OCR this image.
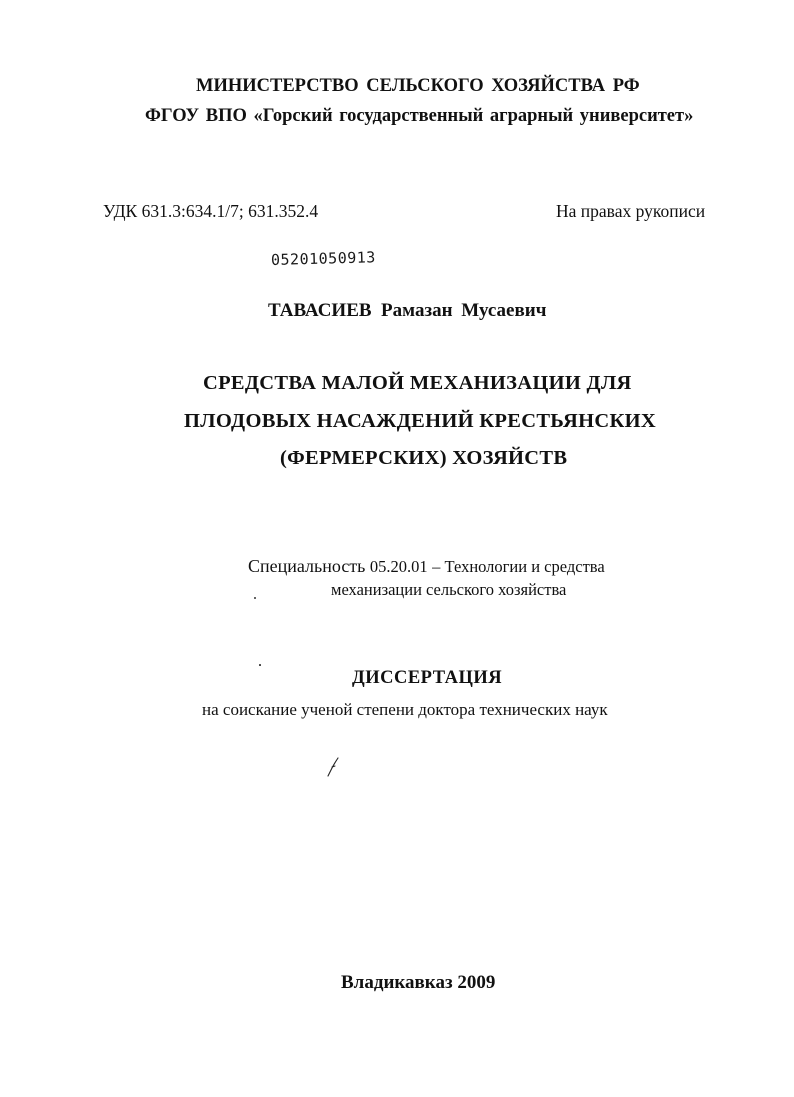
МИНИСТЕРСТВО СЕЛЬСКОГО ХОЗЯЙСТВА РФ
ФГОУ ВПО «Горский государственный аграрный университет»
УДК 631.3:634.1/7; 631.352.4	На правах рукописи
05201050913
ТАВАСИЕВ Рамазан Мусаевич
СРЕДСТВА МАЛОЙ МЕХАНИЗАЦИИ ДЛЯ
ПЛОДОВЫХ НАСАЖДЕНИЙ КРЕСТЬЯНСКИХ
(ФЕРМЕРСКИХ) ХОЗЯЙСТВ
Специальность 05.20.01 – Технологии и средства
механизации сельского хозяйства
ДИССЕРТАЦИЯ
на соискание ученой степени доктора технических наук
Владикавказ 2009
